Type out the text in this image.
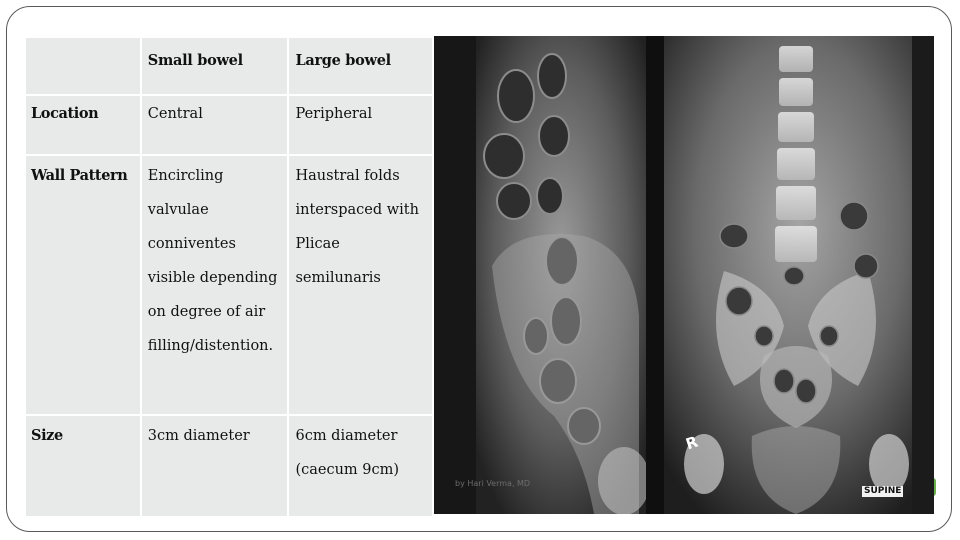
	Small bowel	Large bowel
Location	Central	Peripheral
Wall Pattern	Encircling valvulae conniventes visible depending on degree of air filling/distention.	Haustral folds interspaced with Plicae semilunaris
Size	3cm diameter	6cm diameter (caecum 9cm)
by Hari Verma, MD
R
SUPINE
